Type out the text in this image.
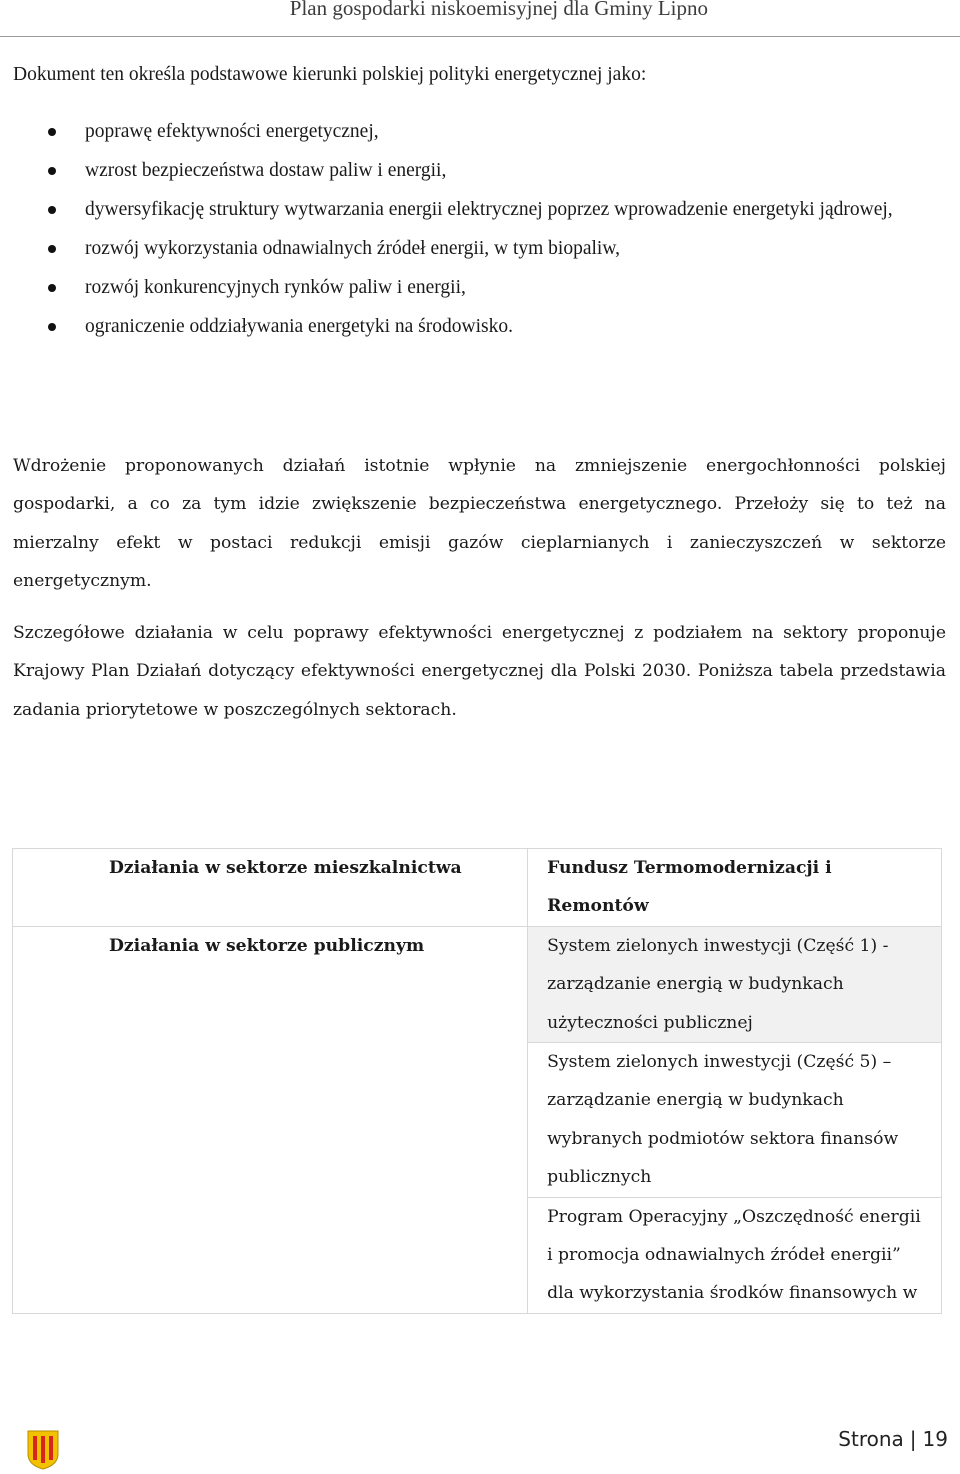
Plan gospodarki niskoemisyjnej dla Gminy Lipno
Dokument ten określa podstawowe kierunki polskiej polityki energetycznej jako:
poprawę efektywności energetycznej,
wzrost bezpieczeństwa dostaw paliw i energii,
dywersyfikację struktury wytwarzania energii elektrycznej poprzez wprowadzenie energetyki jądrowej,
rozwój wykorzystania odnawialnych źródeł energii, w tym biopaliw,
rozwój konkurencyjnych rynków paliw i energii,
ograniczenie oddziaływania energetyki na środowisko.

Wdrożenie proponowanych działań istotnie wpłynie na zmniejszenie energochłonności polskiej gospodarki, a co za tym idzie zwiększenie bezpieczeństwa energetycznego. Przełoży się to też na mierzalny efekt w postaci redukcji emisji gazów cieplarnianych i zanieczyszczeń w sektorze energetycznym.

Szczegółowe działania w celu poprawy efektywności energetycznej z podziałem na sektory proponuje Krajowy Plan Działań dotyczący efektywności energetycznej dla Polski 2030. Poniższa tabela przedstawia zadania priorytetowe w poszczególnych sektorach.

Działania w sektorze mieszkalnictwa	Fundusz Termomodernizacji i Remontów
Działania w sektorze publicznym	System zielonych inwestycji (Część 1) - zarządzanie energią w budynkach użyteczności publicznej
	System zielonych inwestycji (Część 5) – zarządzanie energią w budynkach wybranych podmiotów sektora finansów publicznych
	Program Operacyjny „Oszczędność energii i promocja odnawialnych źródeł energii” dla wykorzystania środków finansowych w
Strona | 19
